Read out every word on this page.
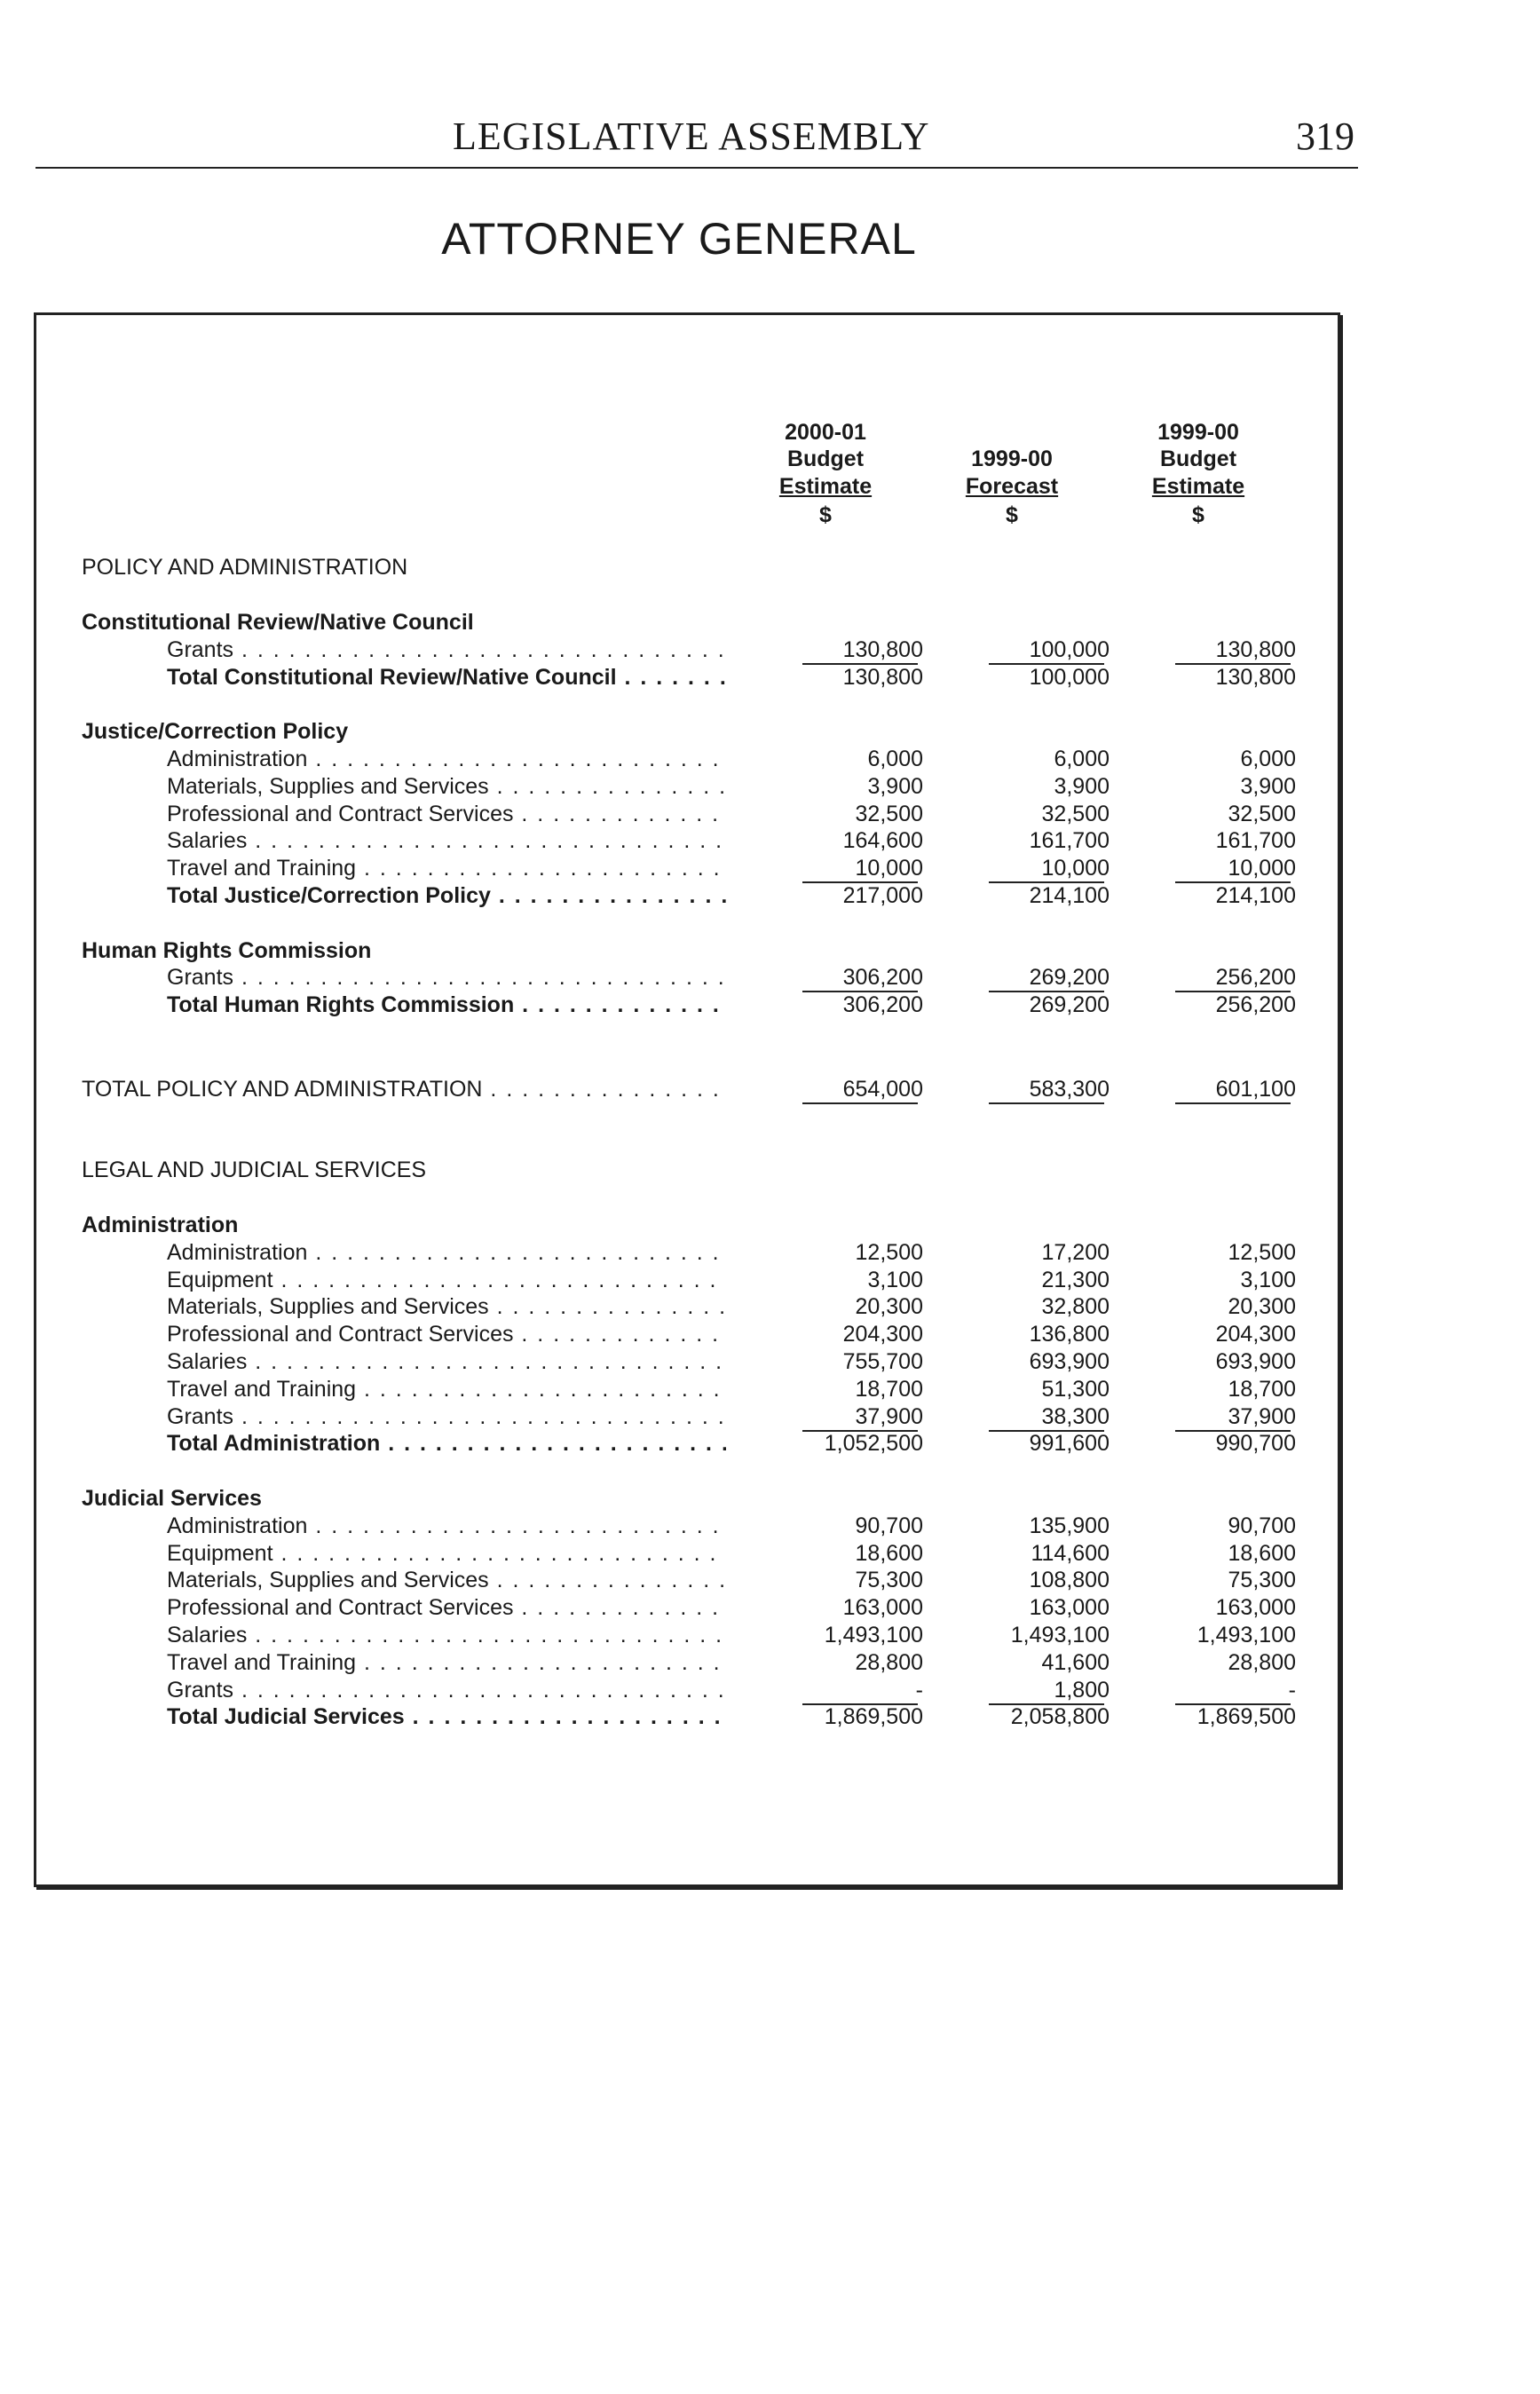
LEGISLATIVE ASSEMBLY	319
ATTORNEY GENERAL
2000-01
Budget
Estimate
$
1999-00
Forecast
$
1999-00
Budget
Estimate
$
POLICY AND ADMINISTRATION
Constitutional Review/Native Council
Grants . . .	130,800	100,000	130,800
Total Constitutional Review/Native Council . . .	130,800	100,000	130,800
Justice/Correction Policy
Administration . . .	6,000	6,000	6,000
Materials, Supplies and Services . . .	3,900	3,900	3,900
Professional and Contract Services . . .	32,500	32,500	32,500
Salaries . . .	164,600	161,700	161,700
Travel and Training . . .	10,000	10,000	10,000
Total Justice/Correction Policy . . .	217,000	214,100	214,100
Human Rights Commission
Grants . . .	306,200	269,200	256,200
Total Human Rights Commission . . .	306,200	269,200	256,200
TOTAL POLICY AND ADMINISTRATION . . .	654,000	583,300	601,100
LEGAL AND JUDICIAL SERVICES
Administration
Administration . . .	12,500	17,200	12,500
Equipment . . .	3,100	21,300	3,100
Materials, Supplies and Services . . .	20,300	32,800	20,300
Professional and Contract Services . . .	204,300	136,800	204,300
Salaries . . .	755,700	693,900	693,900
Travel and Training . . .	18,700	51,300	18,700
Grants . . .	37,900	38,300	37,900
Total Administration . . .	1,052,500	991,600	990,700
Judicial Services
Administration . . .	90,700	135,900	90,700
Equipment . . .	18,600	114,600	18,600
Materials, Supplies and Services . . .	75,300	108,800	75,300
Professional and Contract Services . . .	163,000	163,000	163,000
Salaries . . .	1,493,100	1,493,100	1,493,100
Travel and Training . . .	28,800	41,600	28,800
Grants . . .	-	1,800	-
Total Judicial Services . . .	1,869,500	2,058,800	1,869,500
